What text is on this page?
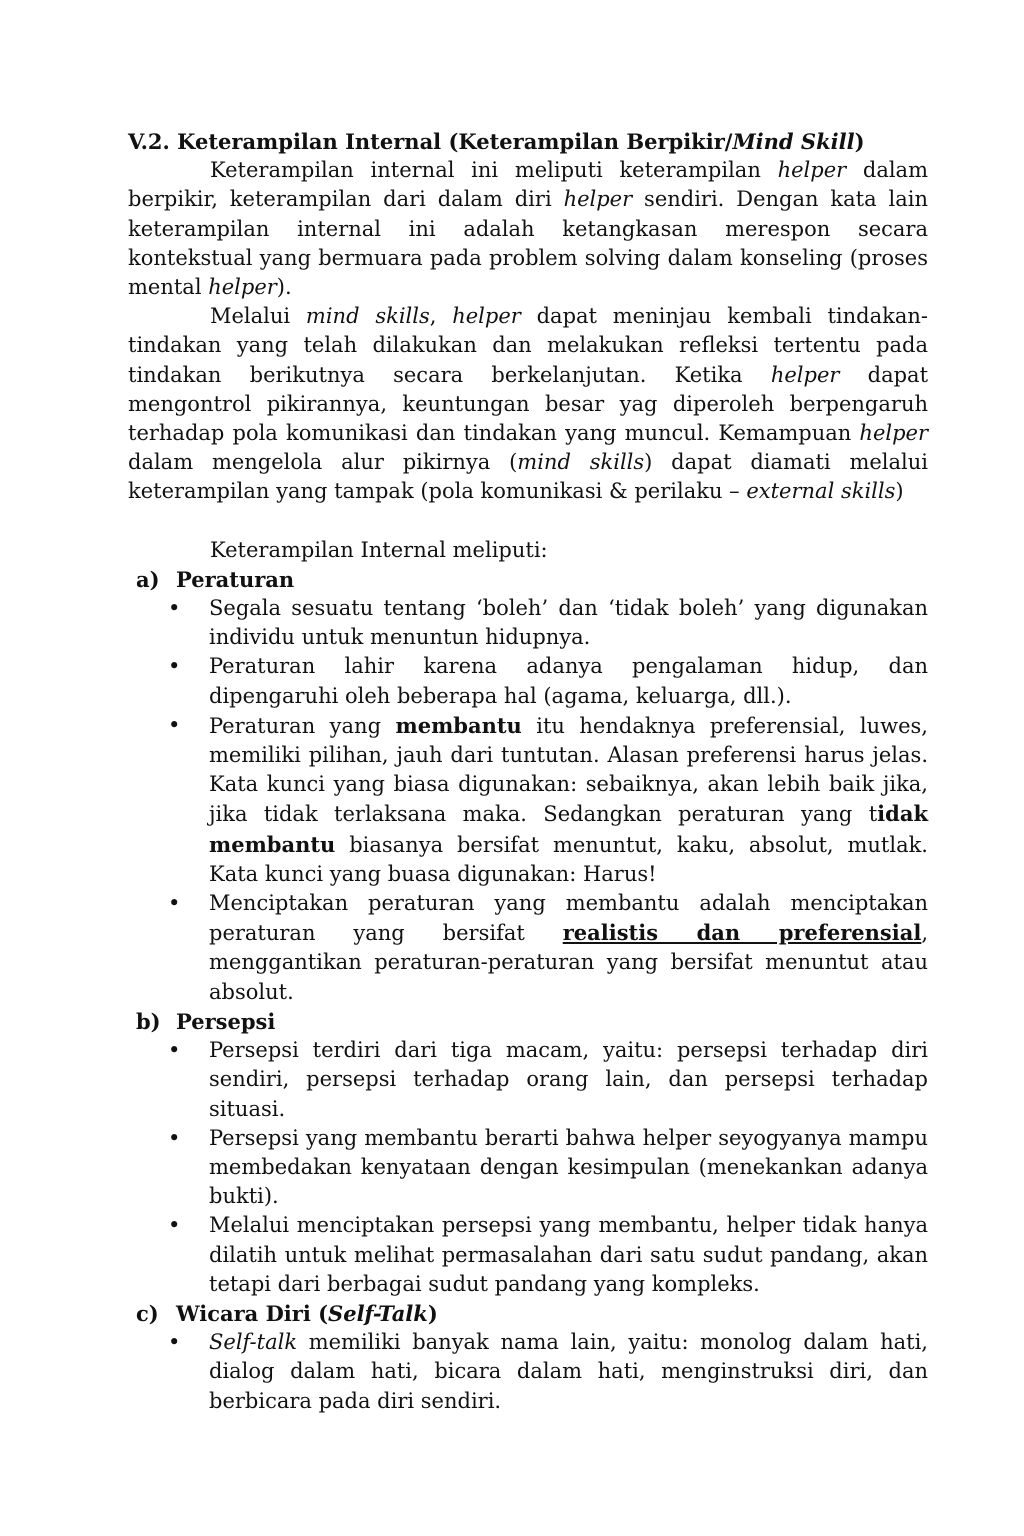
V.2. Keterampilan Internal (Keterampilan Berpikir/Mind Skill)

Keterampilan internal ini meliputi keterampilan helper dalam berpikir, keterampilan dari dalam diri helper sendiri. Dengan kata lain keterampilan internal ini adalah ketangkasan merespon secara kontekstual yang bermuara pada problem solving dalam konseling (proses mental helper).

Melalui mind skills, helper dapat meninjau kembali tindakan-tindakan yang telah dilakukan dan melakukan refleksi tertentu pada tindakan berikutnya secara berkelanjutan. Ketika helper dapat mengontrol pikirannya, keuntungan besar yag diperoleh berpengaruh terhadap pola komunikasi dan tindakan yang muncul. Kemampuan helper dalam mengelola alur pikirnya (mind skills) dapat diamati melalui keterampilan yang tampak (pola komunikasi & perilaku – external skills)

Keterampilan Internal meliputi:

a) Peraturan

• Segala sesuatu tentang ‘boleh’ dan ‘tidak boleh’ yang digunakan individu untuk menuntun hidupnya.
• Peraturan lahir karena adanya pengalaman hidup, dan dipengaruhi oleh beberapa hal (agama, keluarga, dll.).
• Peraturan yang membantu itu hendaknya preferensial, luwes, memiliki pilihan, jauh dari tuntutan. Alasan preferensi harus jelas. Kata kunci yang biasa digunakan: sebaiknya, akan lebih baik jika, jika tidak terlaksana maka. Sedangkan peraturan yang tidak membantu biasanya bersifat menuntut, kaku, absolut, mutlak. Kata kunci yang buasa digunakan: Harus!
• Menciptakan peraturan yang membantu adalah menciptakan peraturan yang bersifat realistis dan preferensial, menggantikan peraturan-peraturan yang bersifat menuntut atau absolut.

b) Persepsi

• Persepsi terdiri dari tiga macam, yaitu: persepsi terhadap diri sendiri, persepsi terhadap orang lain, dan persepsi terhadap situasi.
• Persepsi yang membantu berarti bahwa helper seyogyanya mampu membedakan kenyataan dengan kesimpulan (menekankan adanya bukti).
• Melalui menciptakan persepsi yang membantu, helper tidak hanya dilatih untuk melihat permasalahan dari satu sudut pandang, akan tetapi dari berbagai sudut pandang yang kompleks.

c) Wicara Diri (Self-Talk)

• Self-talk memiliki banyak nama lain, yaitu: monolog dalam hati, dialog dalam hati, bicara dalam hati, menginstruksi diri, dan berbicara pada diri sendiri.
